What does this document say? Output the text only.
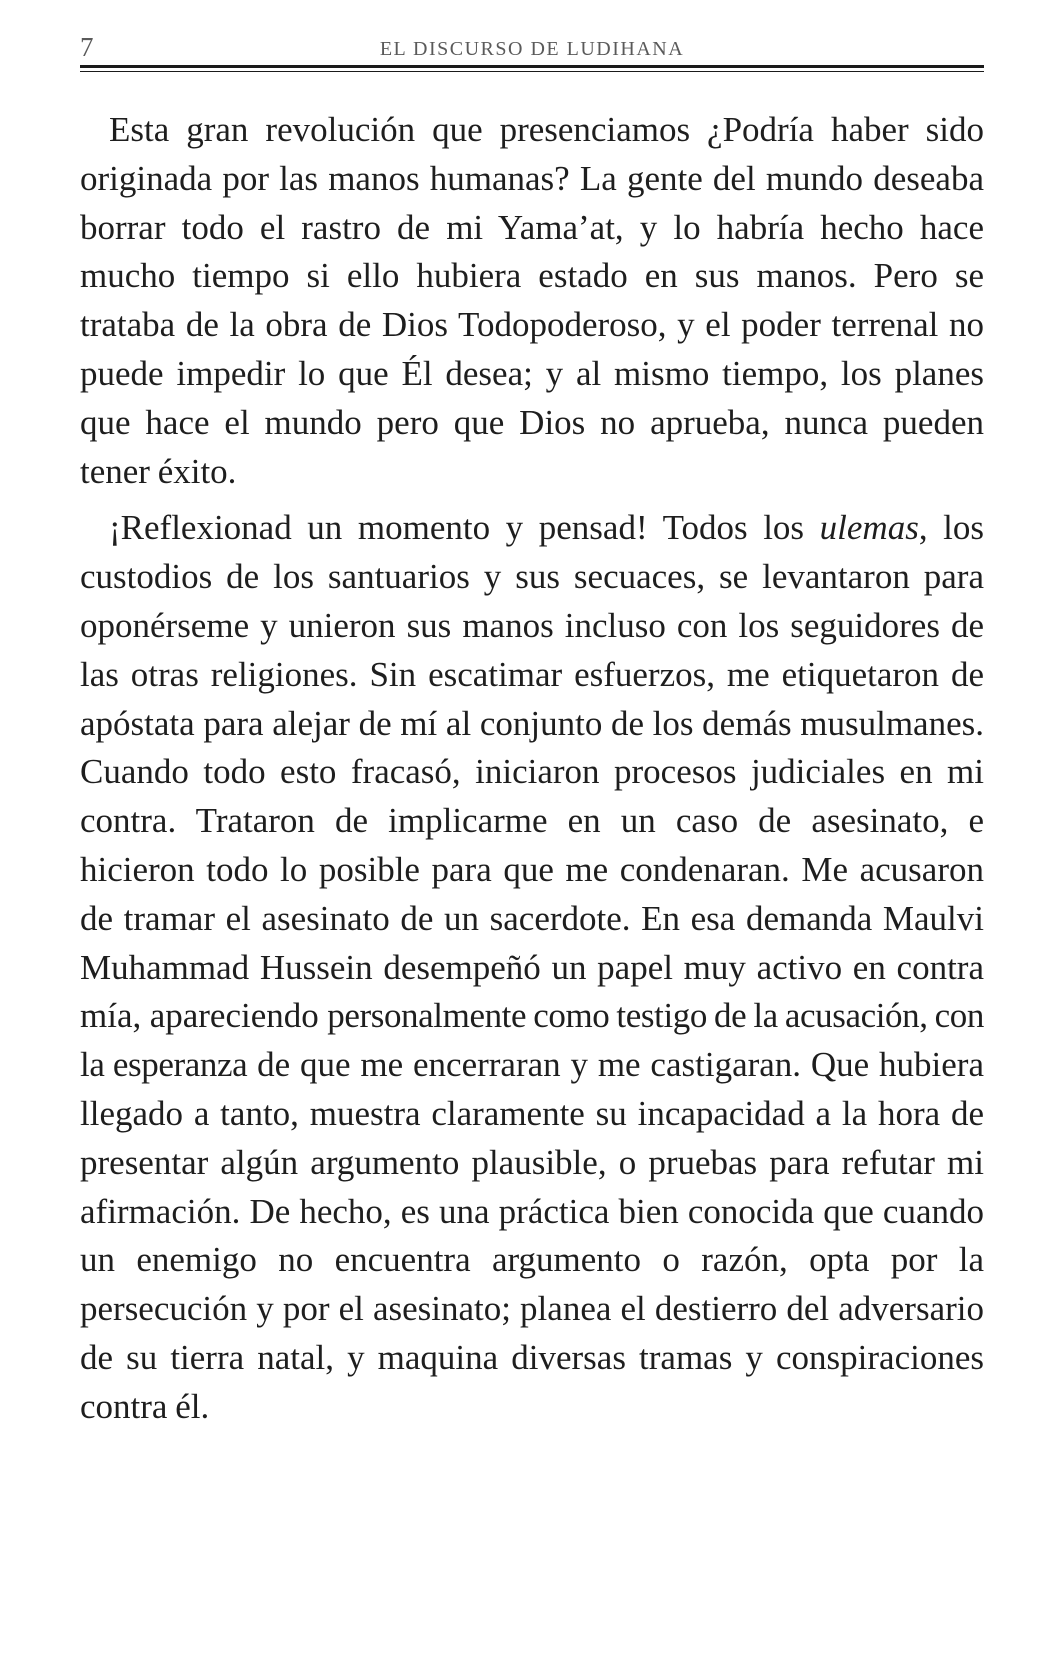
7	EL DISCURSO DE LUDIHANA

Esta gran revolución que presenciamos ¿Podría haber sido originada por las manos humanas? La gente del mundo deseaba borrar todo el rastro de mi Yama’at, y lo habría hecho hace mucho tiempo si ello hubiera estado en sus manos. Pero se trataba de la obra de Dios Todopoderoso, y el poder terrenal no puede impedir lo que Él desea; y al mismo tiempo, los planes que hace el mundo pero que Dios no aprueba, nunca pueden tener éxito.

¡Reflexionad un momento y pensad! Todos los ulemas, los custodios de los santuarios y sus secuaces, se levantaron para oponérseme y unieron sus manos incluso con los seguidores de las otras religiones. Sin escatimar esfuerzos, me etiquetaron de apóstata para alejar de mí al conjunto de los demás musulmanes. Cuando todo esto fracasó, iniciaron procesos judiciales en mi contra. Trataron de implicarme en un caso de asesinato, e hicieron todo lo posible para que me condenaran. Me acusaron de tramar el asesinato de un sacerdote. En esa demanda Maulvi Muhammad Hussein desempeñó un papel muy activo en contra mía, apareciendo personalmente como testigo de la acusación, con la esperanza de que me encerraran y me castigaran. Que hubiera llegado a tanto, muestra claramente su incapacidad a la hora de presentar algún argumento plausible, o pruebas para refutar mi afirmación. De hecho, es una práctica bien conocida que cuando un enemigo no encuentra argumento o razón, opta por la persecución y por el asesinato; planea el destierro del adversario de su tierra natal, y maquina diversas tramas y conspiraciones contra él.
